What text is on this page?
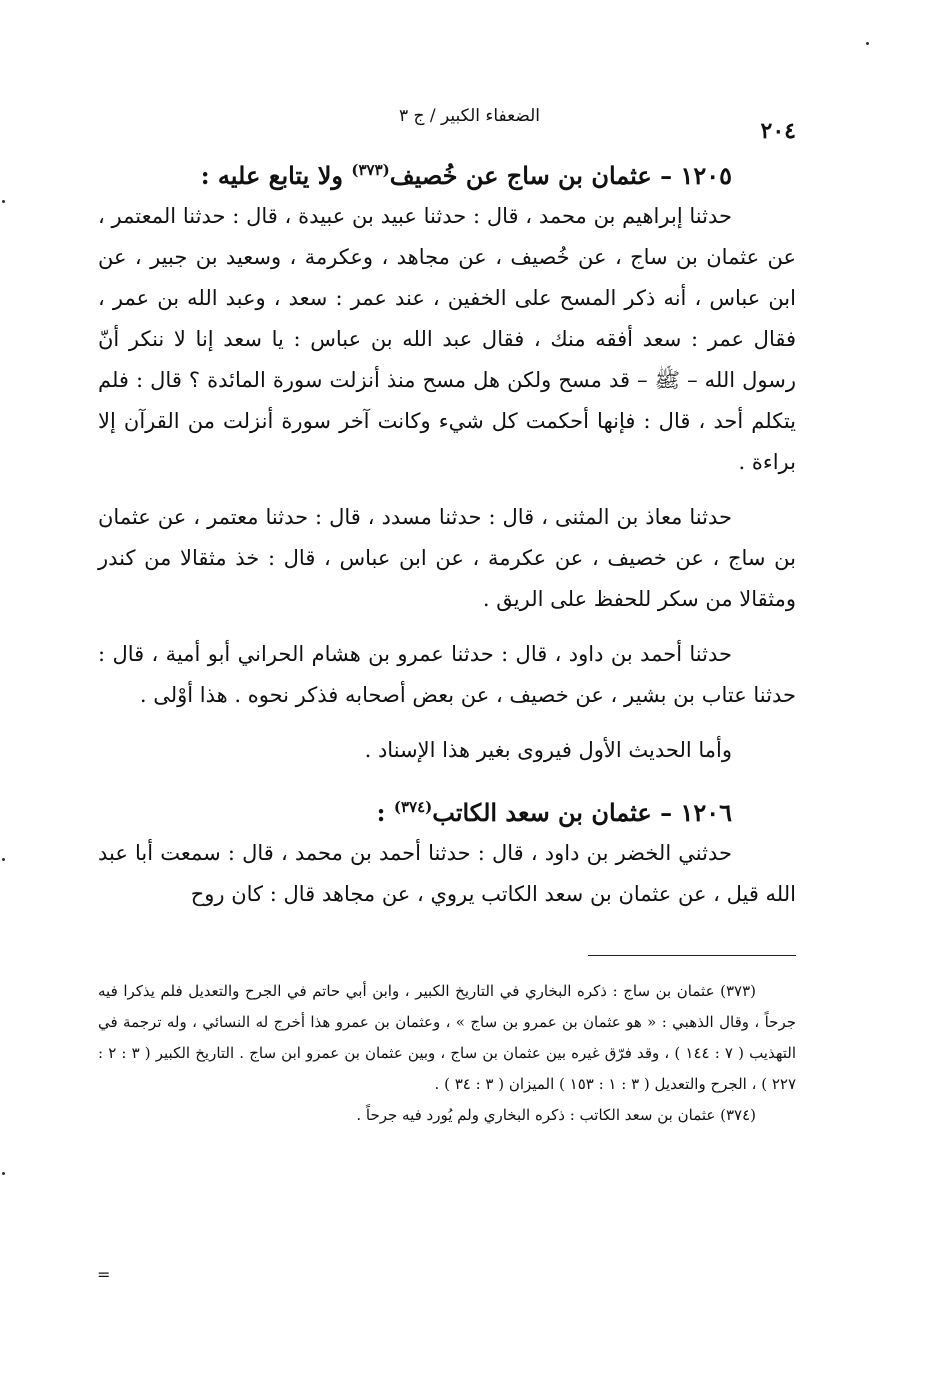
٢٠٤
الضعفاء الكبير / ج ٣
١٢٠٥ – عثمان بن ساج عن خُصيف$^{(٣٧٣)}$ ولا يتابع عليه :

حدثنا إبراهيم بن محمد ، قال : حدثنا عبيد بن عبيدة ، قال : حدثنا المعتمر ، عن عثمان بن ساج ، عن خُصيف ، عن مجاهد ، وعكرمة ، وسعيد بن جبير ، عن ابن عباس ، أنه ذكر المسح على الخفين ، عند عمر : سعد ، وعبد الله بن عمر ، فقال عمر : سعد أفقه منك ، فقال عبد الله بن عباس : يا سعد إنا لا ننكر أنّ رسول الله – ﷺ – قد مسح ولكن هل مسح منذ أنزلت سورة المائدة ؟ قال : فلم يتكلم أحد ، قال : فإنها أحكمت كل شيء وكانت آخر سورة أنزلت من القرآن إلا براءة .

حدثنا معاذ بن المثنى ، قال : حدثنا مسدد ، قال : حدثنا معتمر ، عن عثمان بن ساج ، عن خصيف ، عن عكرمة ، عن ابن عباس ، قال : خذ مثقالا من كندر ومثقالا من سكر للحفظ على الريق .

حدثنا أحمد بن داود ، قال : حدثنا عمرو بن هشام الحراني أبو أمية ، قال : حدثنا عتاب بن بشير ، عن خصيف ، عن بعض أصحابه فذكر نحوه . هذا أوْلى .

وأما الحديث الأول فيروى بغير هذا الإسناد .

١٢٠٦ – عثمان بن سعد الكاتب$^{(٣٧٤)}$ :

حدثني الخضر بن داود ، قال : حدثنا أحمد بن محمد ، قال : سمعت أبا عبد الله قيل ، عن عثمان بن سعد الكاتب يروي ، عن مجاهد قال : كان روح

(٣٧٣) عثمان بن ساج : ذكره البخاري في التاريخ الكبير ، وابن أبي حاتم في الجرح والتعديل فلم يذكرا فيه جرحاً ، وقال الذهبي : « هو عثمان بن عمرو بن ساج » ، وعثمان بن عمرو هذا أخرج له النسائي ، وله ترجمة في التهذيب ( ٧ : ١٤٤ ) ، وقد فرّق غيره بين عثمان بن ساج ، وبين عثمان بن عمرو ابن ساج . التاريخ الكبير ( ٣ : ٢ : ٢٢٧ ) ، الجرح والتعديل ( ٣ : ١ : ١٥٣ ) الميزان ( ٣ : ٣٤ ) .

(٣٧٤) عثمان بن سعد الكاتب : ذكره البخاري ولم يُورد فيه جرحاً .

=
